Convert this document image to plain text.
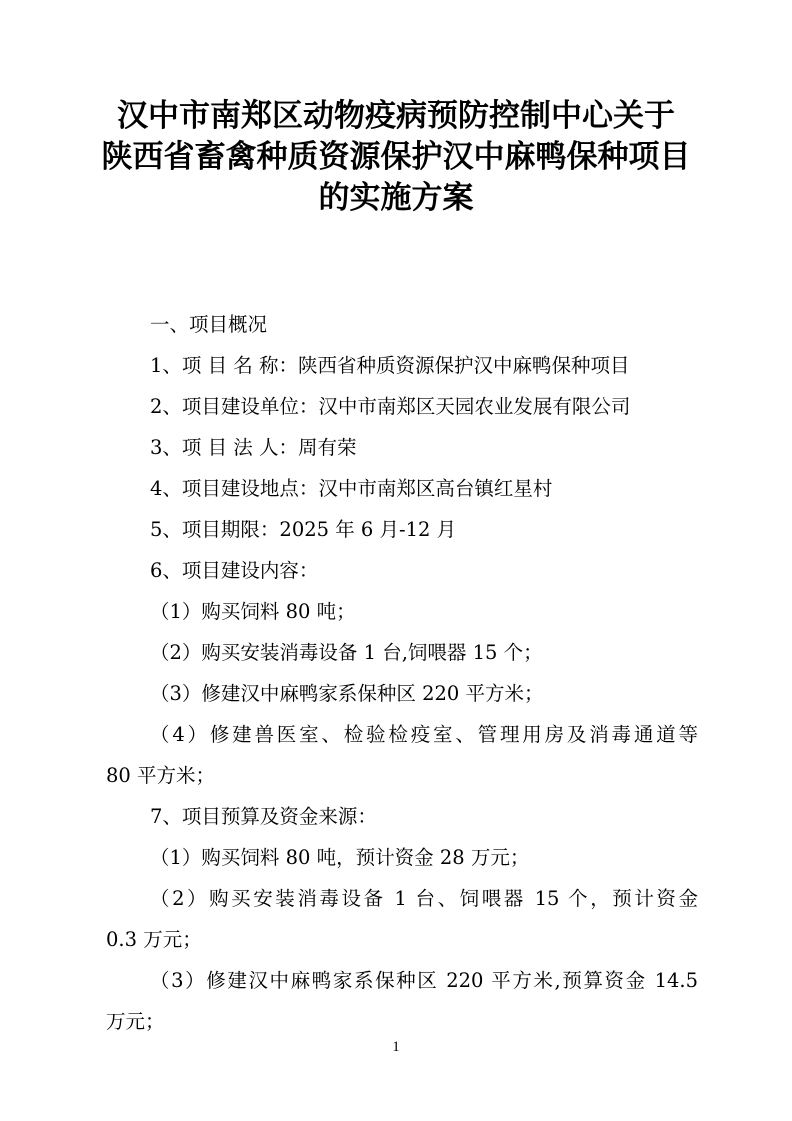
汉中市南郑区动物疫病预防控制中心关于
陕西省畜禽种质资源保护汉中麻鸭保种项目
的实施方案
一、项目概况
1、项 目 名 称：陕西省种质资源保护汉中麻鸭保种项目
2、项目建设单位：汉中市南郑区天园农业发展有限公司
3、项 目 法 人：周有荣
4、项目建设地点：汉中市南郑区高台镇红星村
5、项目期限：2025 年 6 月-12 月
6、项目建设内容：
（1）购买饲料 80 吨；
（2）购买安装消毒设备 1 台,饲喂器 15 个；
（3）修建汉中麻鸭家系保种区 220 平方米；
（4）修建兽医室、检验检疫室、管理用房及消毒通道等
80 平方米；
7、项目预算及资金来源：
（1）购买饲料 80 吨，预计资金 28 万元；
（2）购买安装消毒设备 1 台、饲喂器 15 个，预计资金
0.3 万元；
（3）修建汉中麻鸭家系保种区 220 平方米,预算资金 14.5
万元；
1
